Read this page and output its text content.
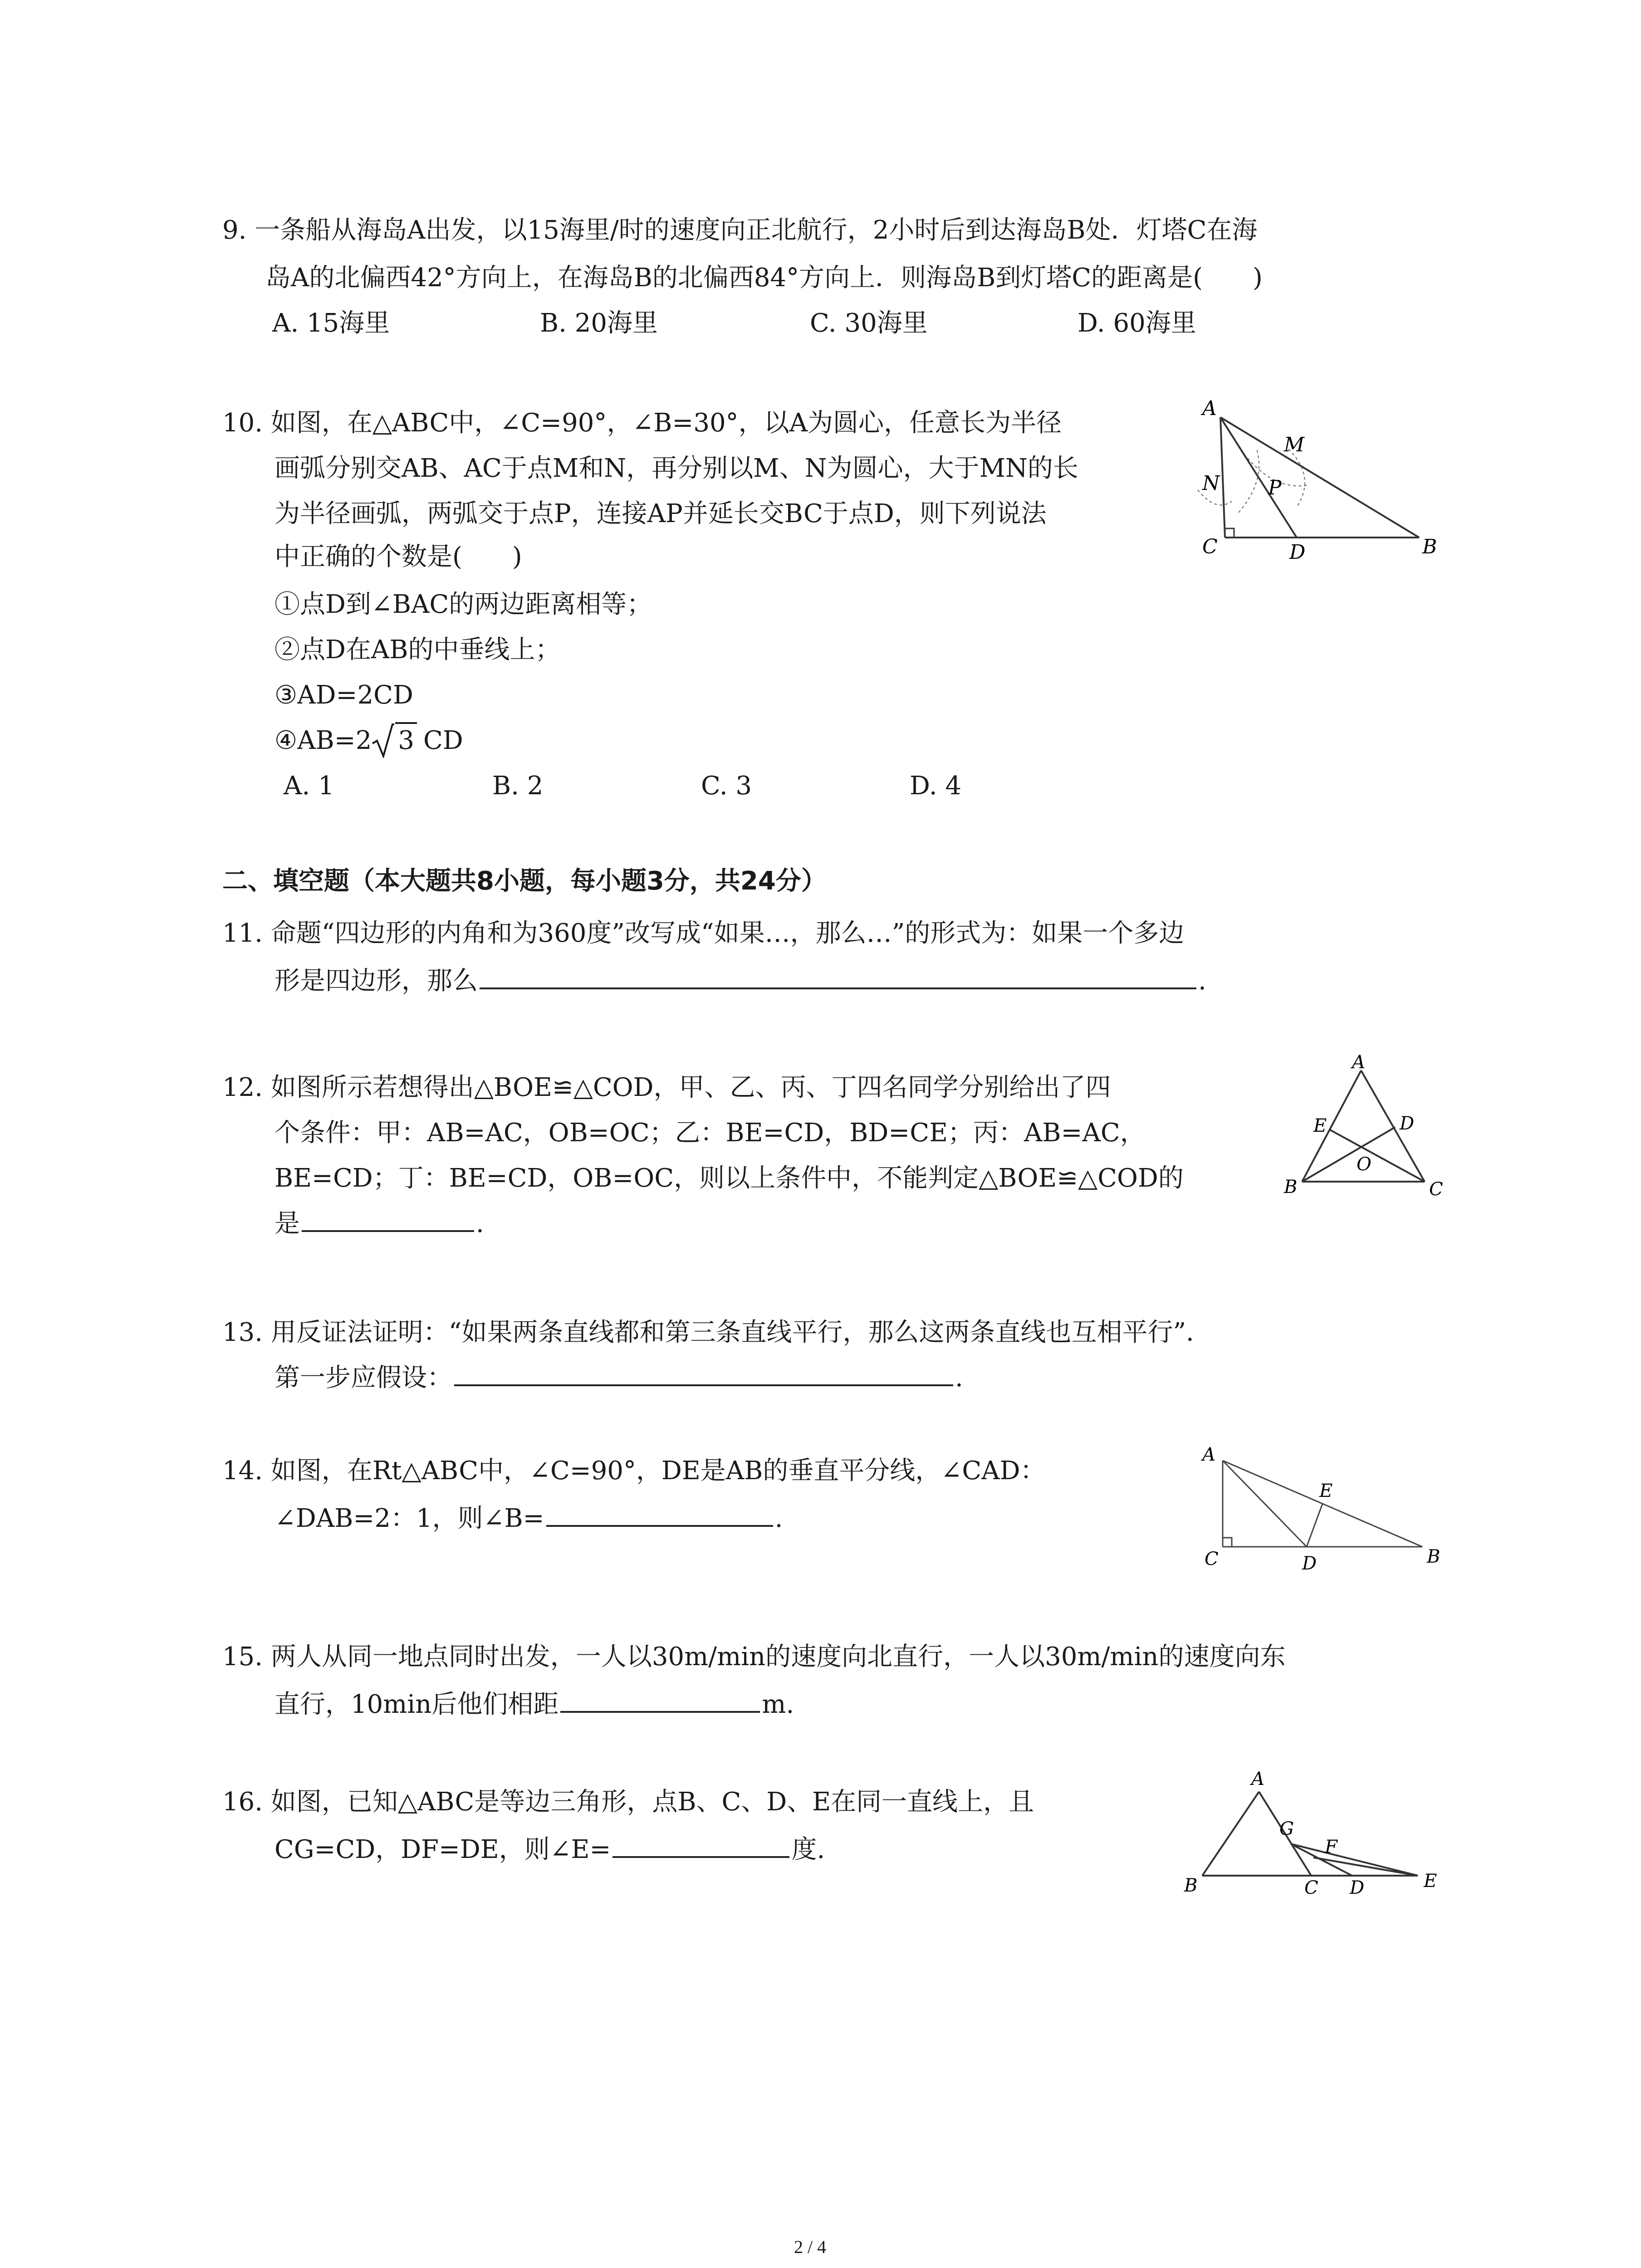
9. 一条船从海岛A出发，以15海里/时的速度向正北航行，2小时后到达海岛B处．灯塔C在海
岛A的北偏西42°方向上，在海岛B的北偏西84°方向上．则海岛B到灯塔C的距离是( )
A. 15海里	B. 20海里	C. 30海里	D. 60海里
10. 如图，在△ABC中，∠C=90°，∠B=30°，以A为圆心，任意长为半径
画弧分别交AB、AC于点M和N，再分别以M、N为圆心，大于MN的长
为半径画弧，两弧交于点P，连接AP并延长交BC于点D，则下列说法
中正确的个数是( )
①点D到∠BAC的两边距离相等；
②点D在AB的中垂线上；
③AD=2CD
④AB=2 3 CD
A. 1	B. 2	C. 3	D. 4
A
M
N P
C	D	B
二、填空题（本大题共8小题，每小题3分，共24分）
11. 命题“四边形的内角和为360度”改写成“如果…，那么…”的形式为：如果一个多边
形是四边形，那么	.
12. 如图所示若想得出△BOE≌△COD，甲、乙、丙、丁四名同学分别给出了四
个条件：甲：AB=AC，OB=OC；乙：BE=CD，BD=CE；丙：AB=AC，
BE=CD；丁：BE=CD，OB=OC，则以上条件中，不能判定△BOE≌△COD的
是	.
A
E	D
O
B	C
13. 用反证法证明：“如果两条直线都和第三条直线平行，那么这两条直线也互相平行”．
第一步应假设：	.
14. 如图，在Rt△ABC中，∠C=90°，DE是AB的垂直平分线，∠CAD：
∠DAB=2：1，则∠B=	.
A
E
C	D	B
15. 两人从同一地点同时出发，一人以30m/min的速度向北直行，一人以30m/min的速度向东
直行，10min后他们相距	m.
16. 如图，已知△ABC是等边三角形，点B、C、D、E在同一直线上，且
CG=CD，DF=DE，则∠E=	度.
A
G
F
B	C D	E
2 / 4
